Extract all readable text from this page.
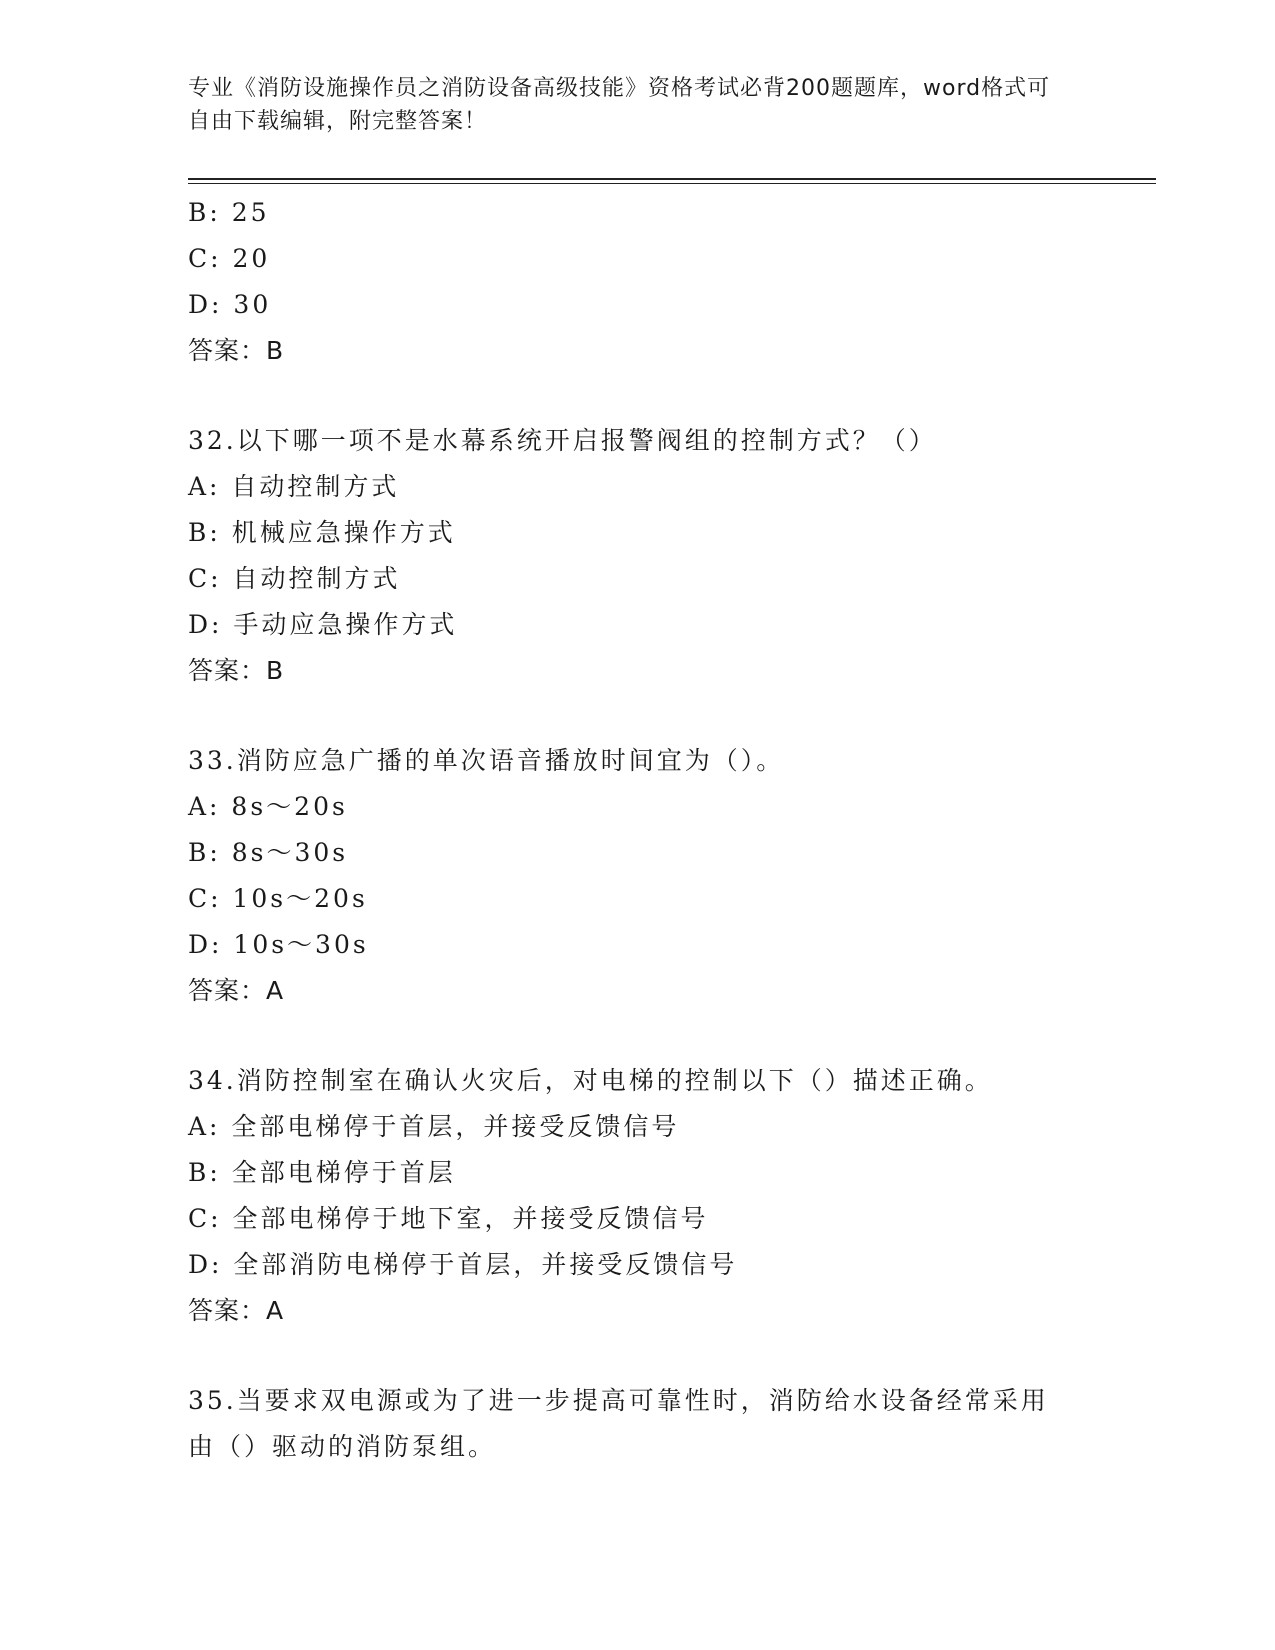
专业《消防设施操作员之消防设备高级技能》资格考试必背200题题库，word格式可自由下载编辑，附完整答案！
B: 25
C: 20
D: 30
答案：B
32.以下哪一项不是水幕系统开启报警阀组的控制方式？（）
A: 自动控制方式
B: 机械应急操作方式
C: 自动控制方式
D: 手动应急操作方式
答案：B
33.消防应急广播的单次语音播放时间宜为（）。
A: 8s～20s
B: 8s～30s
C: 10s～20s
D: 10s～30s
答案：A
34.消防控制室在确认火灾后，对电梯的控制以下（）描述正确。
A: 全部电梯停于首层，并接受反馈信号
B: 全部电梯停于首层
C: 全部电梯停于地下室，并接受反馈信号
D: 全部消防电梯停于首层，并接受反馈信号
答案：A
35.当要求双电源或为了进一步提高可靠性时，消防给水设备经常采用由（）驱动的消防泵组。
